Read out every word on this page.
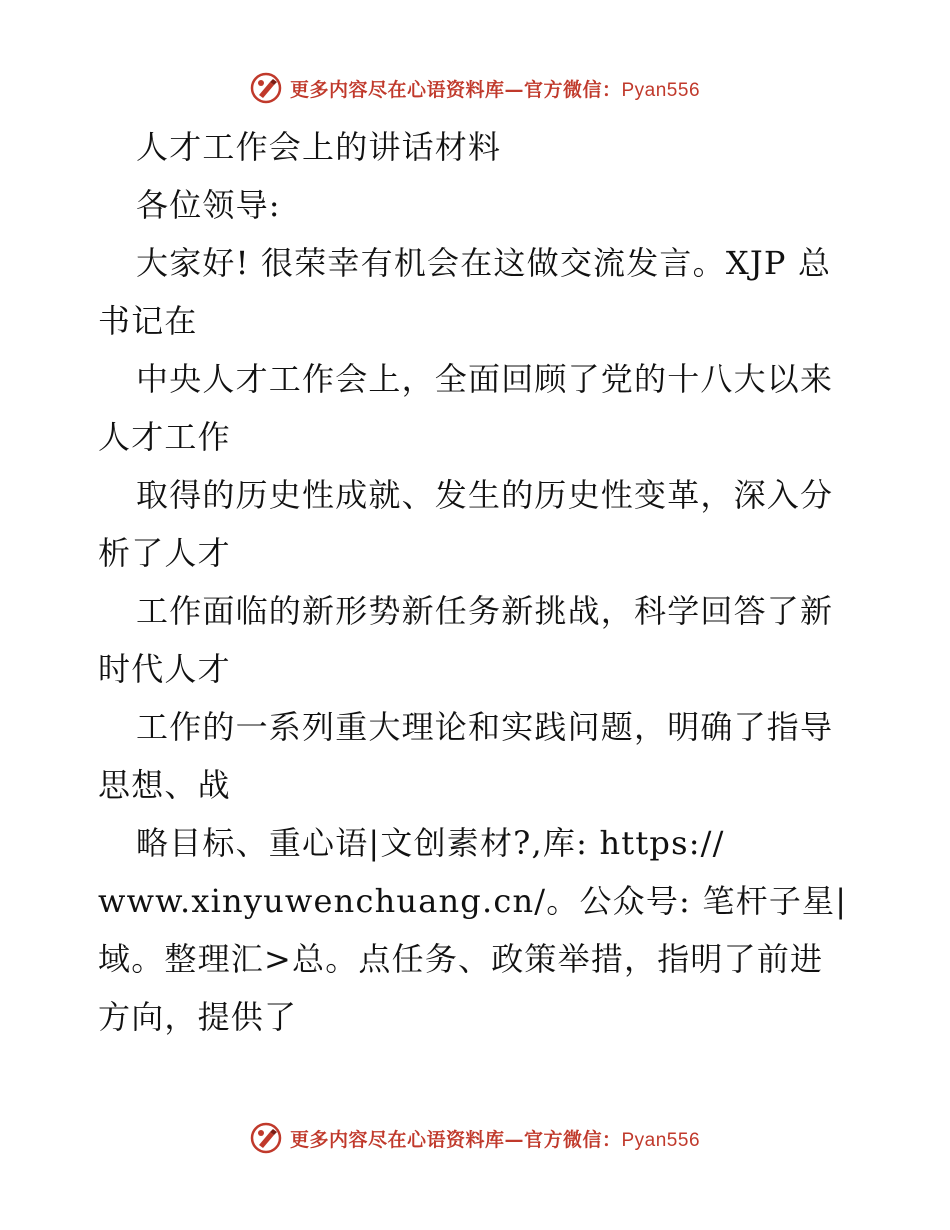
更多内容尽在心语资料库—官方微信：Pyan556
人才工作会上的讲话材料
各位领导:
大家好! 很荣幸有机会在这做交流发言。XJP 总
书记在
中央人才工作会上，全面回顾了党的十八大以来
人才工作
取得的历史性成就、发生的历史性变革，深入分
析了人才
工作面临的新形势新任务新挑战，科学回答了新
时代人才
工作的一系列重大理论和实践问题，明确了指导
思想、战
略目标、重心语|文创素材?,库: https://
www.xinyuwenchuang.cn/。公众号: 笔杆子星|
域。整理汇>总。点任务、政策举措，指明了前进
方向，提供了
更多内容尽在心语资料库—官方微信：Pyan556
